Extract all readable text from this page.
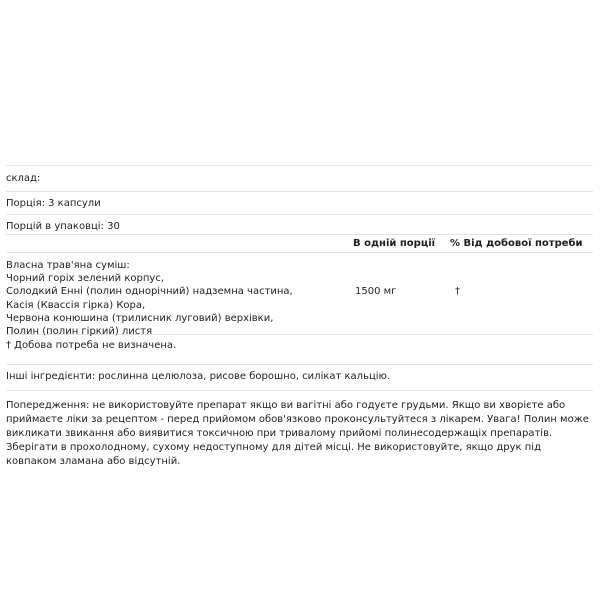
склад:
Порція: 3 капсули
Порцій в упаковці: 30
В одній порції % Від добової потреби
Власна трав'яна суміш:
Чорний горіх зелений корпус,
Солодкий Енні (полин однорічний) надземна частина,
Касія (Квассія гірка) Кора,
Червона конюшина (трилисник луговий) верхівки,
Полин (полин гіркий) листя
1500 мг	†
† Добова потреба не визначена.
Інші інгредієнти: рослинна целюлоза, рисове борошно, силікат кальцію.
Попередження: не використовуйте препарат якщо ви вагітні або годуєте грудьми. Якщо ви хворієте або приймаєте ліки за рецептом - перед прийомом обов'язково проконсультуйтеся з лікарем. Увага! Полин може викликати звикання або виявитися токсичною при тривалому прийомі полинесодержащіх препаратів. Зберігати в прохолодному, сухому недоступному для дітей місці. Не використовуйте, якщо друк під ковпаком зламана або відсутній.
